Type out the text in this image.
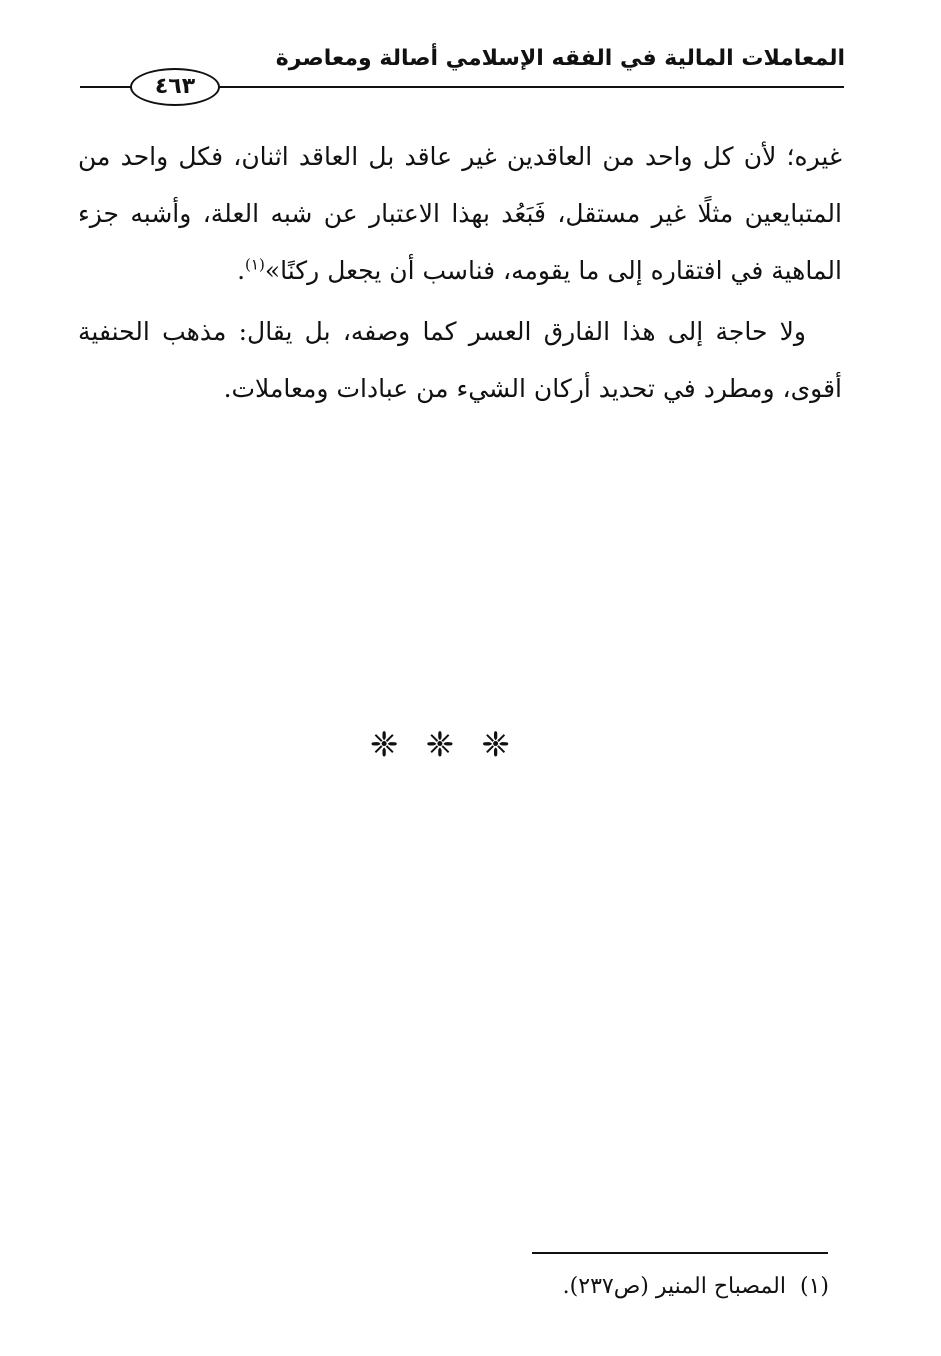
المعاملات المالية في الفقه الإسلامي أصالة ومعاصرة
٤٦٣

غيره؛ لأن كل واحد من العاقدين غير عاقد بل العاقد اثنان، فكل واحد من المتبايعين مثلًا غير مستقل، فَبَعُد بهذا الاعتبار عن شبه العلة، وأشبه جزء الماهية في افتقاره إلى ما يقومه، فناسب أن يجعل ركنًا»$^{(١)}$.

ولا حاجة إلى هذا الفارق العسر كما وصفه، بل يقال: مذهب الحنفية أقوى، ومطرد في تحديد أركان الشيء من عبادات ومعاملات.

❈ ❈ ❈
(١)المصباح المنير (ص٢٣٧).
